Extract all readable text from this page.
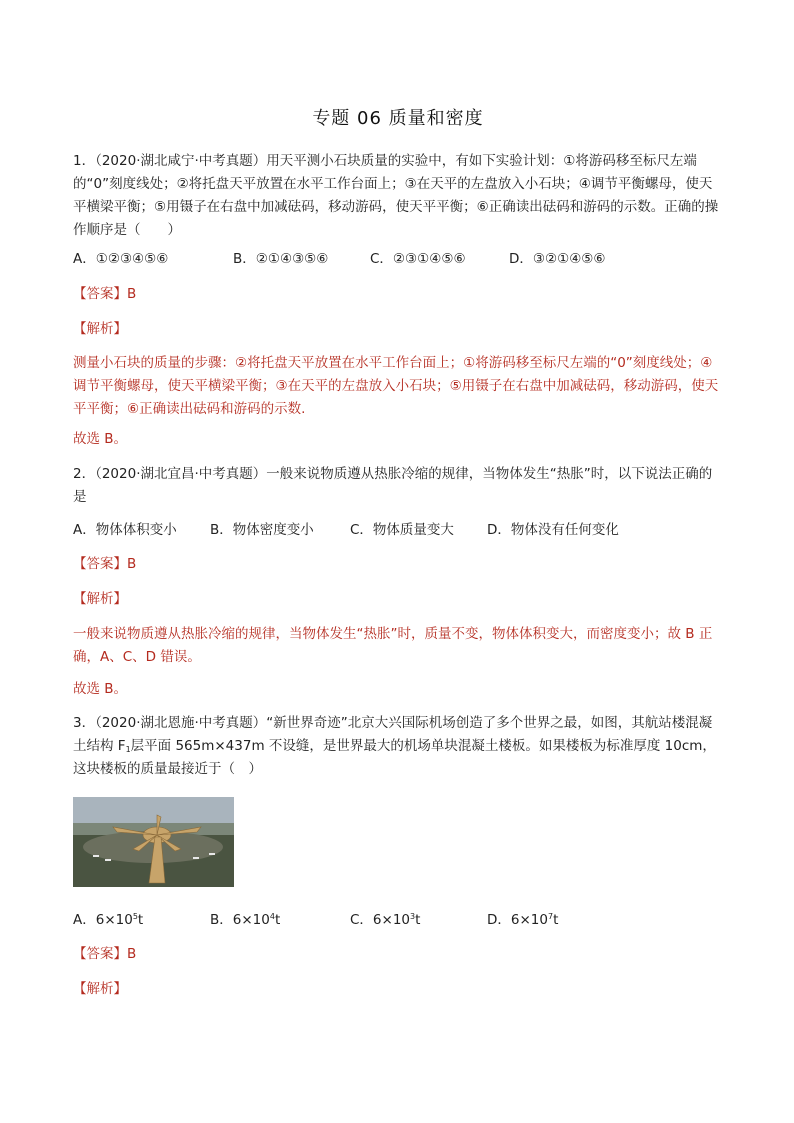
专题 06 质量和密度
1．（2020·湖北咸宁·中考真题）用天平测小石块质量的实验中，有如下实验计划：①将游码移至标尺左端的“0”刻度线处；②将托盘天平放置在水平工作台面上；③在天平的左盘放入小石块；④调节平衡螺母，使天平横梁平衡；⑤用镊子在右盘中加减砝码，移动游码，使天平平衡；⑥正确读出砝码和游码的示数。正确的操作顺序是（　　）
A．①②③④⑤⑥	B．②①④③⑤⑥	C．②③①④⑤⑥	D．③②①④⑤⑥
【答案】B
【解析】
测量小石块的质量的步骤：②将托盘天平放置在水平工作台面上；①将游码移至标尺左端的“0”刻度线处；④调节平衡螺母，使天平横梁平衡；③在天平的左盘放入小石块；⑤用镊子在右盘中加减砝码，移动游码，使天平平衡；⑥正确读出砝码和游码的示数.
故选 B。
2．（2020·湖北宜昌·中考真题）一般来说物质遵从热胀冷缩的规律，当物体发生“热胀”时，以下说法正确的是
A．物体体积变小	B．物体密度变小	C．物体质量变大	D．物体没有任何变化
【答案】B
【解析】
一般来说物质遵从热胀冷缩的规律，当物体发生“热胀”时，质量不变，物体体积变大，而密度变小；故 B 正确，A、C、D 错误。
故选 B。
3．（2020·湖北恩施·中考真题）“新世界奇迹”北京大兴国际机场创造了多个世界之最，如图，其航站楼混凝土结构 $F_1$层平面 565m×437m 不设缝，是世界最大的机场单块混凝土楼板。如果楼板为标准厚度 10cm，这块楼板的质量最接近于（　）
A．$6\times 10^5t$	B．$6\times 10^4t$	C．$6\times 10^3t$	D．$6\times 10^7t$
【答案】B
【解析】
